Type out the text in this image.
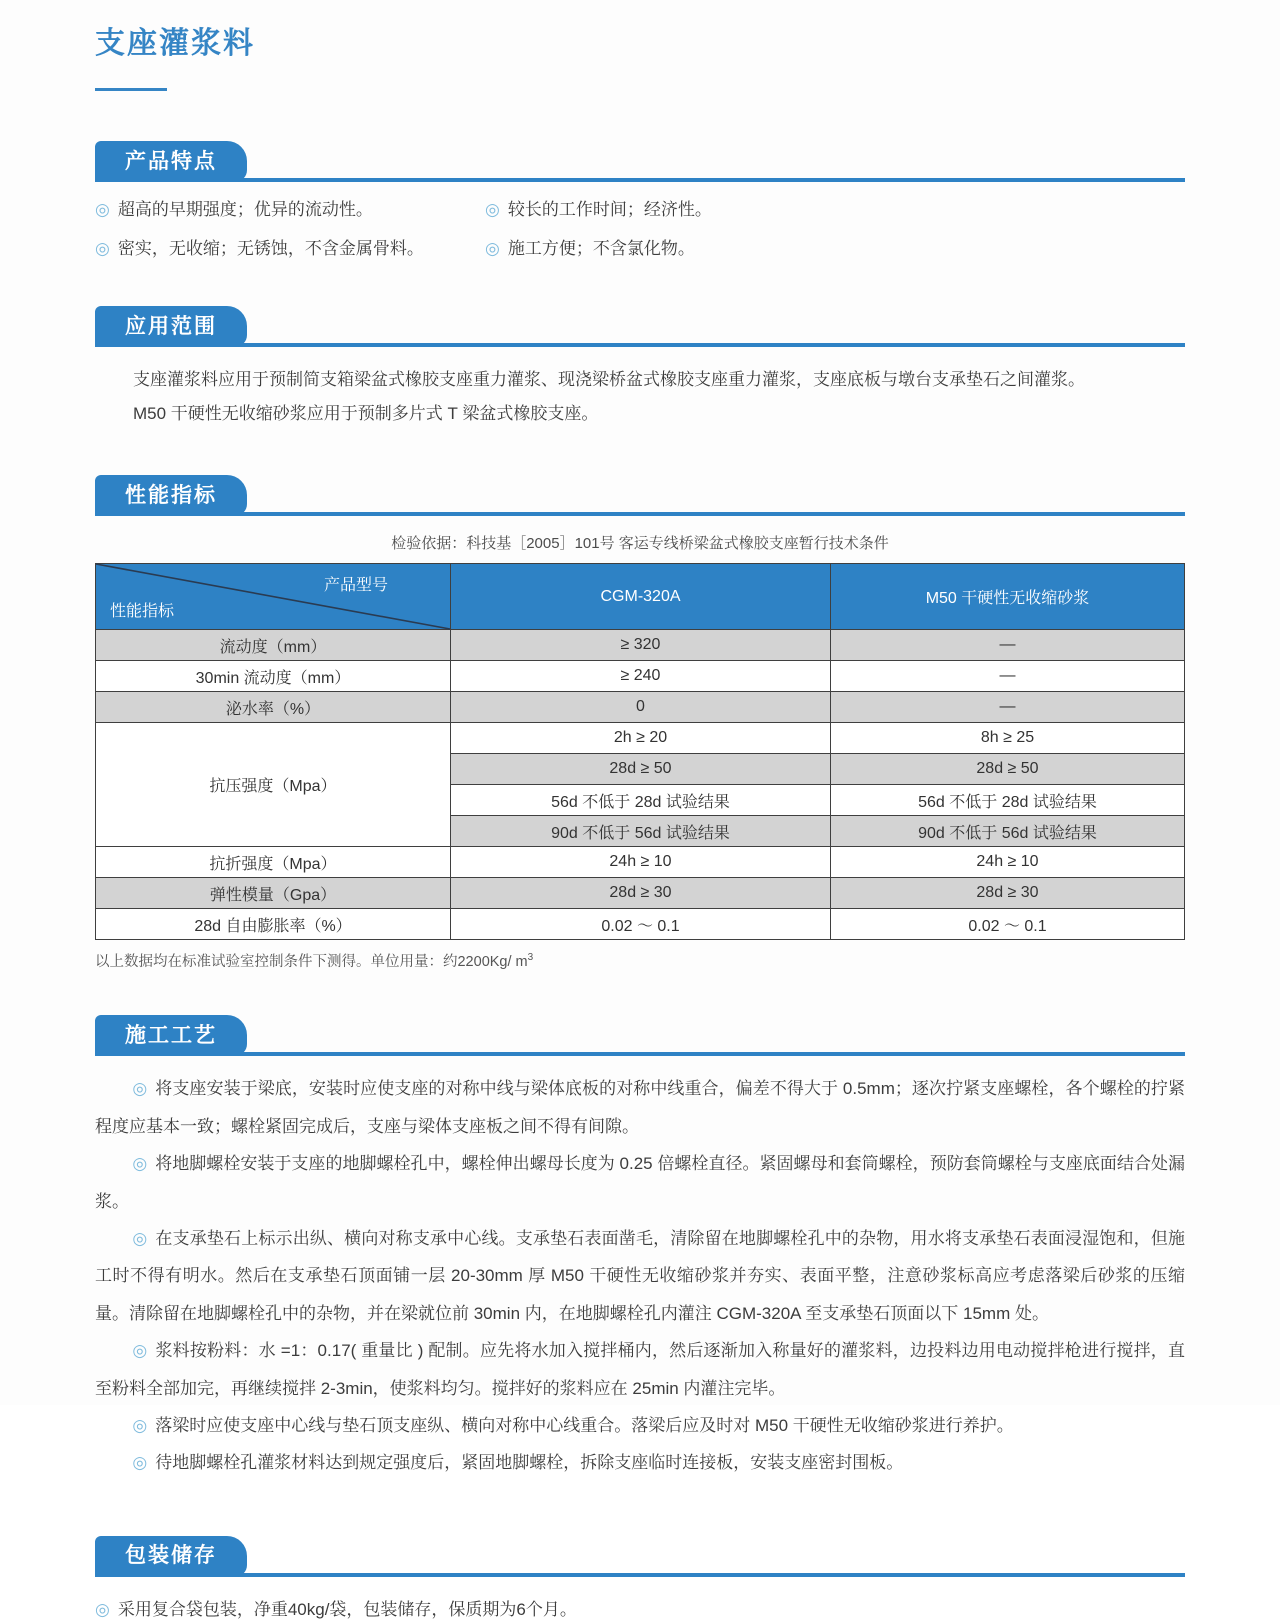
支座灌浆料
产品特点
◎ 超高的早期强度；优异的流动性。
◎ 密实，无收缩；无锈蚀，不含金属骨料。
◎ 较长的工作时间；经济性。
◎ 施工方便；不含氯化物。
应用范围

支座灌浆料应用于预制简支箱梁盆式橡胶支座重力灌浆、现浇梁桥盆式橡胶支座重力灌浆，支座底板与墩台支承垫石之间灌浆。

M50 干硬性无收缩砂浆应用于预制多片式 T 梁盆式橡胶支座。

性能指标
检验依据：科技基［2005］101号 客运专线桥梁盆式橡胶支座暂行技术条件
产品型号
性能指标	CGM-320A	M50 干硬性无收缩砂浆
流动度（mm）	≥ 320	—
30min 流动度（mm）	≥ 240	—
泌水率（%）	0	—
抗压强度（Mpa）	2h ≥ 20	8h ≥ 25
	28d ≥ 50	28d ≥ 50
	56d 不低于 28d 试验结果	56d 不低于 28d 试验结果
	90d 不低于 56d 试验结果	90d 不低于 56d 试验结果
抗折强度（Mpa）	24h ≥ 10	24h ≥ 10
弹性模量（Gpa）	28d ≥ 30	28d ≥ 30
28d 自由膨胀率（%）	0.02 ～ 0.1	0.02 ～ 0.1
以上数据均在标准试验室控制条件下测得。单位用量：约2200Kg/ $m^3$
施工工艺

◎ 将支座安装于梁底，安装时应使支座的对称中线与梁体底板的对称中线重合，偏差不得大于 0.5mm；逐次拧紧支座螺栓，各个螺栓的拧紧程度应基本一致；螺栓紧固完成后，支座与梁体支座板之间不得有间隙。

◎ 将地脚螺栓安装于支座的地脚螺栓孔中，螺栓伸出螺母长度为 0.25 倍螺栓直径。紧固螺母和套筒螺栓，预防套筒螺栓与支座底面结合处漏浆。

◎ 在支承垫石上标示出纵、横向对称支承中心线。支承垫石表面凿毛，清除留在地脚螺栓孔中的杂物，用水将支承垫石表面浸湿饱和，但施工时不得有明水。然后在支承垫石顶面铺一层 20-30mm 厚 M50 干硬性无收缩砂浆并夯实、表面平整，注意砂浆标高应考虑落梁后砂浆的压缩量。清除留在地脚螺栓孔中的杂物，并在梁就位前 30min 内，在地脚螺栓孔内灌注 CGM-320A 至支承垫石顶面以下 15mm 处。

◎ 浆料按粉料：水 =1：0.17( 重量比 ) 配制。应先将水加入搅拌桶内，然后逐渐加入称量好的灌浆料，边投料边用电动搅拌枪进行搅拌，直至粉料全部加完，再继续搅拌 2-3min，使浆料均匀。搅拌好的浆料应在 25min 内灌注完毕。

◎ 落梁时应使支座中心线与垫石顶支座纵、横向对称中心线重合。落梁后应及时对 M50 干硬性无收缩砂浆进行养护。

◎ 待地脚螺栓孔灌浆材料达到规定强度后，紧固地脚螺栓，拆除支座临时连接板，安装支座密封围板。

包装储存
◎ 采用复合袋包装，净重40kg/袋，包装储存，保质期为6个月。
